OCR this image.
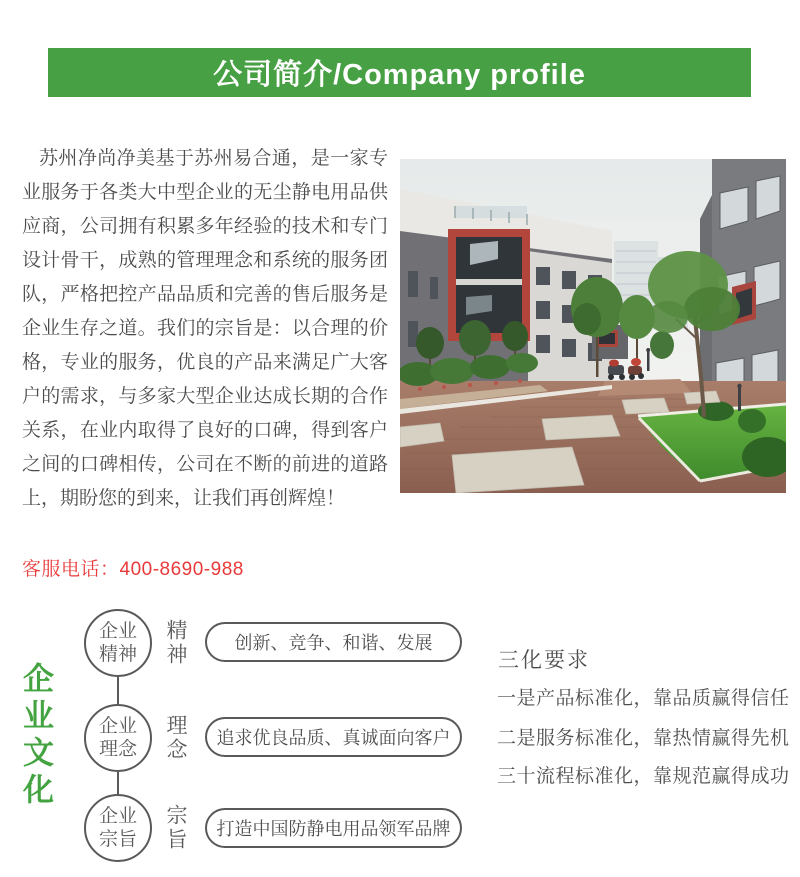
公司简介/Company profile

苏州净尚净美基于苏州易合通，是一家专业服务于各类大中型企业的无尘静电用品供应商，公司拥有积累多年经验的技术和专门设计骨干，成熟的管理理念和系统的服务团队，严格把控产品品质和完善的售后服务是企业生存之道。我们的宗旨是：以合理的价格，专业的服务，优良的产品来满足广大客户的需求，与多家大型企业达成长期的合作关系，在业内取得了良好的口碑，得到客户之间的口碑相传，公司在不断的前进的道路上，期盼您的到来，让我们再创辉煌！

客服电话：400-8690-988
企业文化
企业
精神
企业
理念
企业
宗旨
精神
理念
宗旨
创新、竞争、和谐、发展
追求优良品质、真诚面向客户
打造中国防静电用品领军品牌
三化要求
一是产品标准化，靠品质赢得信任
二是服务标准化，靠热情赢得先机
三十流程标准化，靠规范赢得成功
